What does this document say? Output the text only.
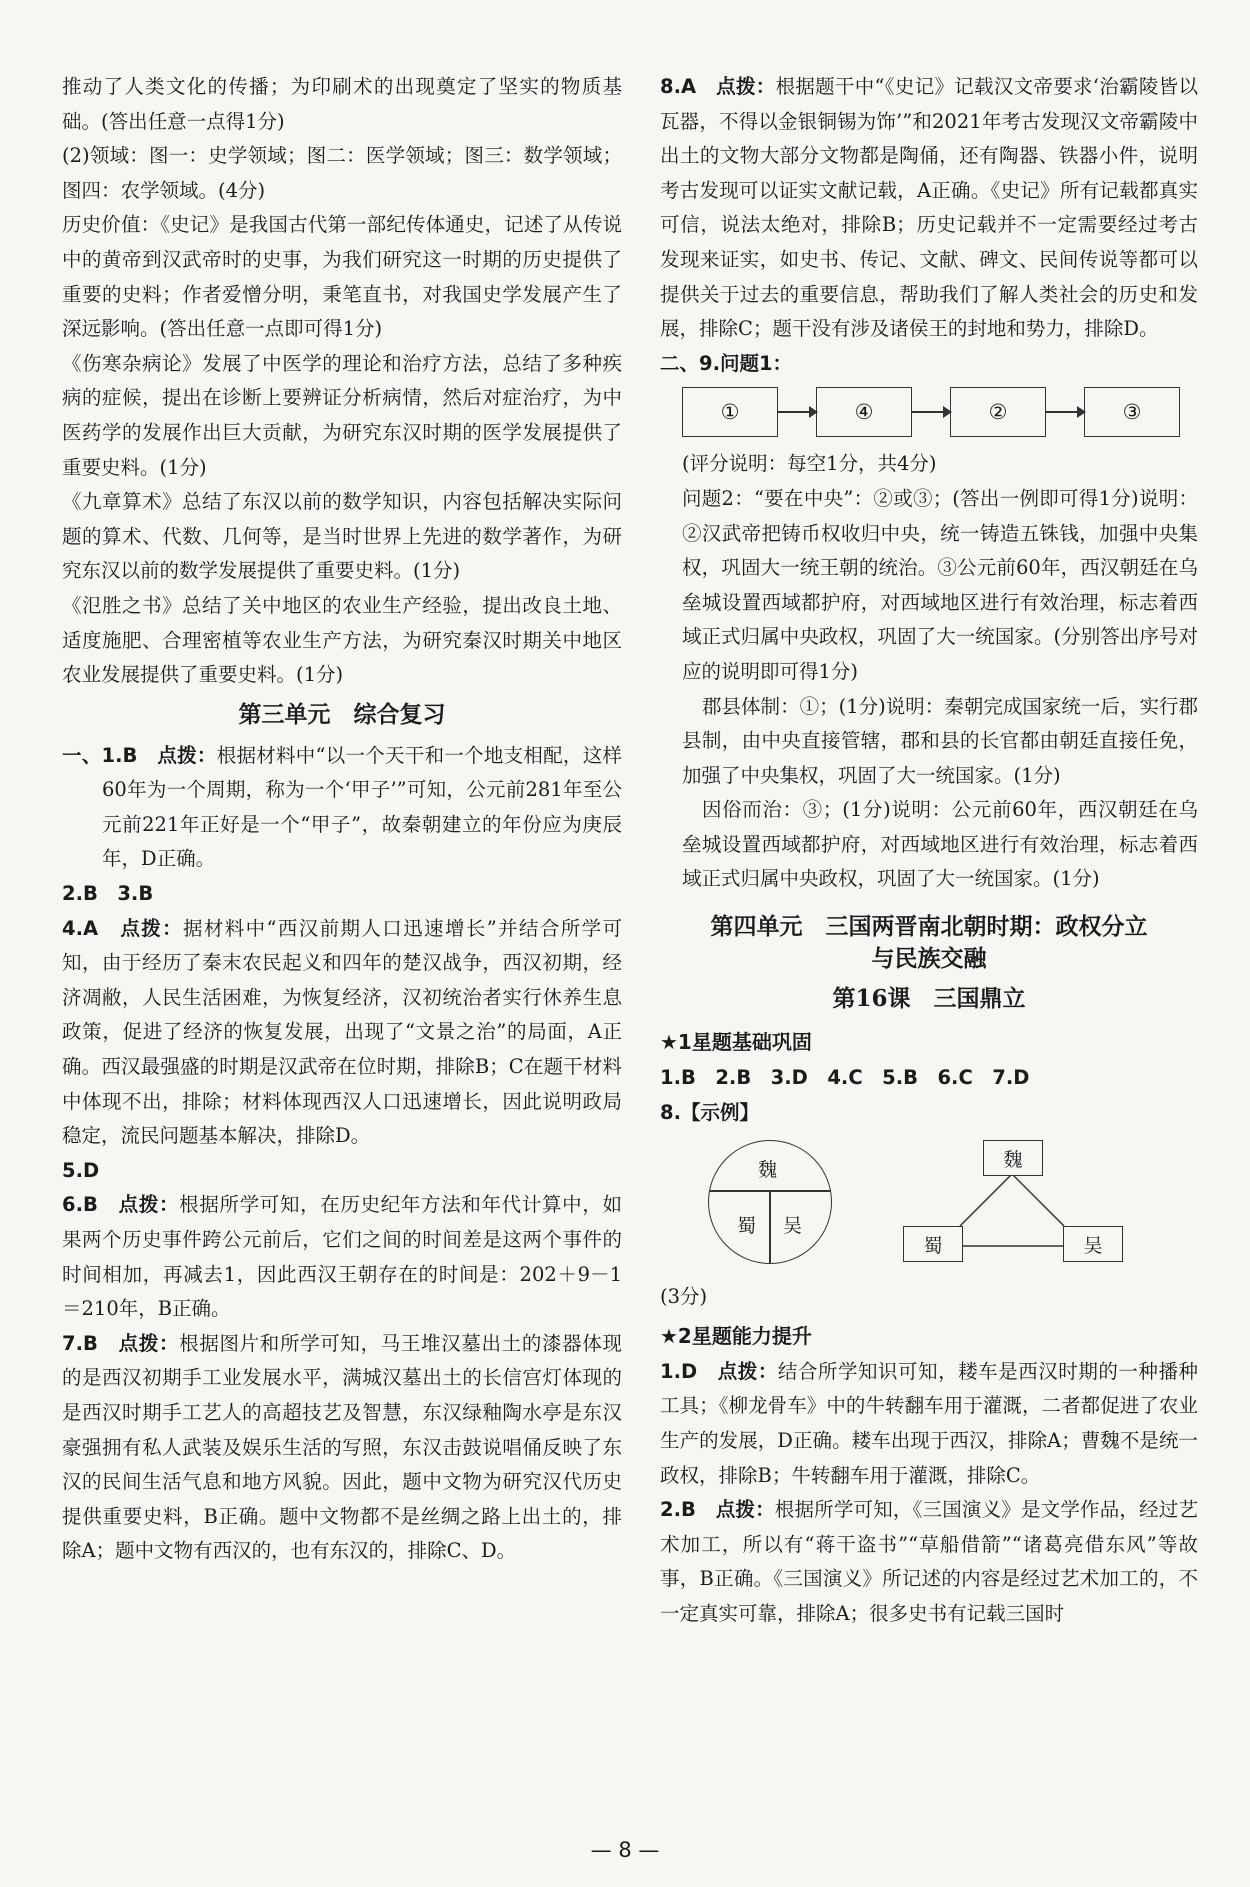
推动了人类文化的传播；为印刷术的出现奠定了坚实的物质基础。(答出任意一点得1分)

(2)领域：图一：史学领域；图二：医学领域；图三：数学领域；图四：农学领域。(4分)

历史价值：《史记》是我国古代第一部纪传体通史，记述了从传说中的黄帝到汉武帝时的史事，为我们研究这一时期的历史提供了重要的史料；作者爱憎分明，秉笔直书，对我国史学发展产生了深远影响。(答出任意一点即可得1分)

《伤寒杂病论》发展了中医学的理论和治疗方法，总结了多种疾病的症候，提出在诊断上要辨证分析病情，然后对症治疗，为中医药学的发展作出巨大贡献，为研究东汉时期的医学发展提供了重要史料。(1分)

《九章算术》总结了东汉以前的数学知识，内容包括解决实际问题的算术、代数、几何等，是当时世界上先进的数学著作，为研究东汉以前的数学发展提供了重要史料。(1分)

《氾胜之书》总结了关中地区的农业生产经验，提出改良土地、适度施肥、合理密植等农业生产方法，为研究秦汉时期关中地区农业发展提供了重要史料。(1分)

第三单元　综合复习

一、1.B　 点拨：根据材料中“以一个天干和一个地支相配，这样60年为一个周期，称为一个‘甲子’”可知，公元前281年至公元前221年正好是一个“甲子”，故秦朝建立的年份应为庚辰年，D正确。

2.B　3.B

4.A　 点拨：据材料中“西汉前期人口迅速增长”并结合所学可知，由于经历了秦末农民起义和四年的楚汉战争，西汉初期，经济凋敝，人民生活困难，为恢复经济，汉初统治者实行休养生息政策，促进了经济的恢复发展，出现了“文景之治”的局面，A正确。西汉最强盛的时期是汉武帝在位时期，排除B；C在题干材料中体现不出，排除；材料体现西汉人口迅速增长，因此说明政局稳定，流民问题基本解决，排除D。

5.D

6.B　 点拨：根据所学可知，在历史纪年方法和年代计算中，如果两个历史事件跨公元前后，它们之间的时间差是这两个事件的时间相加，再减去1，因此西汉王朝存在的时间是：202＋9－1＝210年，B正确。

7.B　 点拨：根据图片和所学可知，马王堆汉墓出土的漆器体现的是西汉初期手工业发展水平，满城汉墓出土的长信宫灯体现的是西汉时期手工艺人的高超技艺及智慧，东汉绿釉陶水亭是东汉豪强拥有私人武装及娱乐生活的写照，东汉击鼓说唱俑反映了东汉的民间生活气息和地方风貌。因此，题中文物为研究汉代历史提供重要史料，B正确。题中文物都不是丝绸之路上出土的，排除A；题中文物有西汉的，也有东汉的，排除C、D。

8.A　 点拨：根据题干中“《史记》记载汉文帝要求‘治霸陵皆以瓦器，不得以金银铜锡为饰’”和2021年考古发现汉文帝霸陵中出土的文物大部分文物都是陶俑，还有陶器、铁器小件，说明考古发现可以证实文献记载，A正确。《史记》所有记载都真实可信，说法太绝对，排除B；历史记载并不一定需要经过考古发现来证实，如史书、传记、文献、碑文、民间传说等都可以提供关于过去的重要信息，帮助我们了解人类社会的历史和发展，排除C；题干没有涉及诸侯王的封地和势力，排除D。

二、9.问题1：

①	④	②	③

(评分说明：每空1分，共4分)

问题2：“要在中央”：②或③；(答出一例即可得1分)说明：②汉武帝把铸币权收归中央，统一铸造五铢钱，加强中央集权，巩固大一统王朝的统治。③公元前60年，西汉朝廷在乌垒城设置西域都护府，对西域地区进行有效治理，标志着西域正式归属中央政权，巩固了大一统国家。(分别答出序号对应的说明即可得1分)

郡县体制：①；(1分)说明：秦朝完成国家统一后，实行郡县制，由中央直接管辖，郡和县的长官都由朝廷直接任免，加强了中央集权，巩固了大一统国家。(1分)

因俗而治：③；(1分)说明：公元前60年，西汉朝廷在乌垒城设置西域都护府，对西域地区进行有效治理，标志着西域正式归属中央政权，巩固了大一统国家。(1分)

第四单元　三国两晋南北朝时期：政权分立
与民族交融
第16课　三国鼎立
★1星题基础巩固

1.B　2.B　3.D　4.C　5.B　6.C　7.D

8.【示例】

魏
蜀 吴
魏
蜀	吴

(3分)

★2星题能力提升

1.D　 点拨：结合所学知识可知，耧车是西汉时期的一种播种工具；《柳龙骨车》中的牛转翻车用于灌溉，二者都促进了农业生产的发展，D正确。耧车出现于西汉，排除A；曹魏不是统一政权，排除B；牛转翻车用于灌溉，排除C。

2.B　 点拨：根据所学可知，《三国演义》是文学作品，经过艺术加工，所以有“蒋干盗书”“草船借箭”“诸葛亮借东风”等故事，B正确。《三国演义》所记述的内容是经过艺术加工的，不一定真实可靠，排除A；很多史书有记载三国时

— 8 —
